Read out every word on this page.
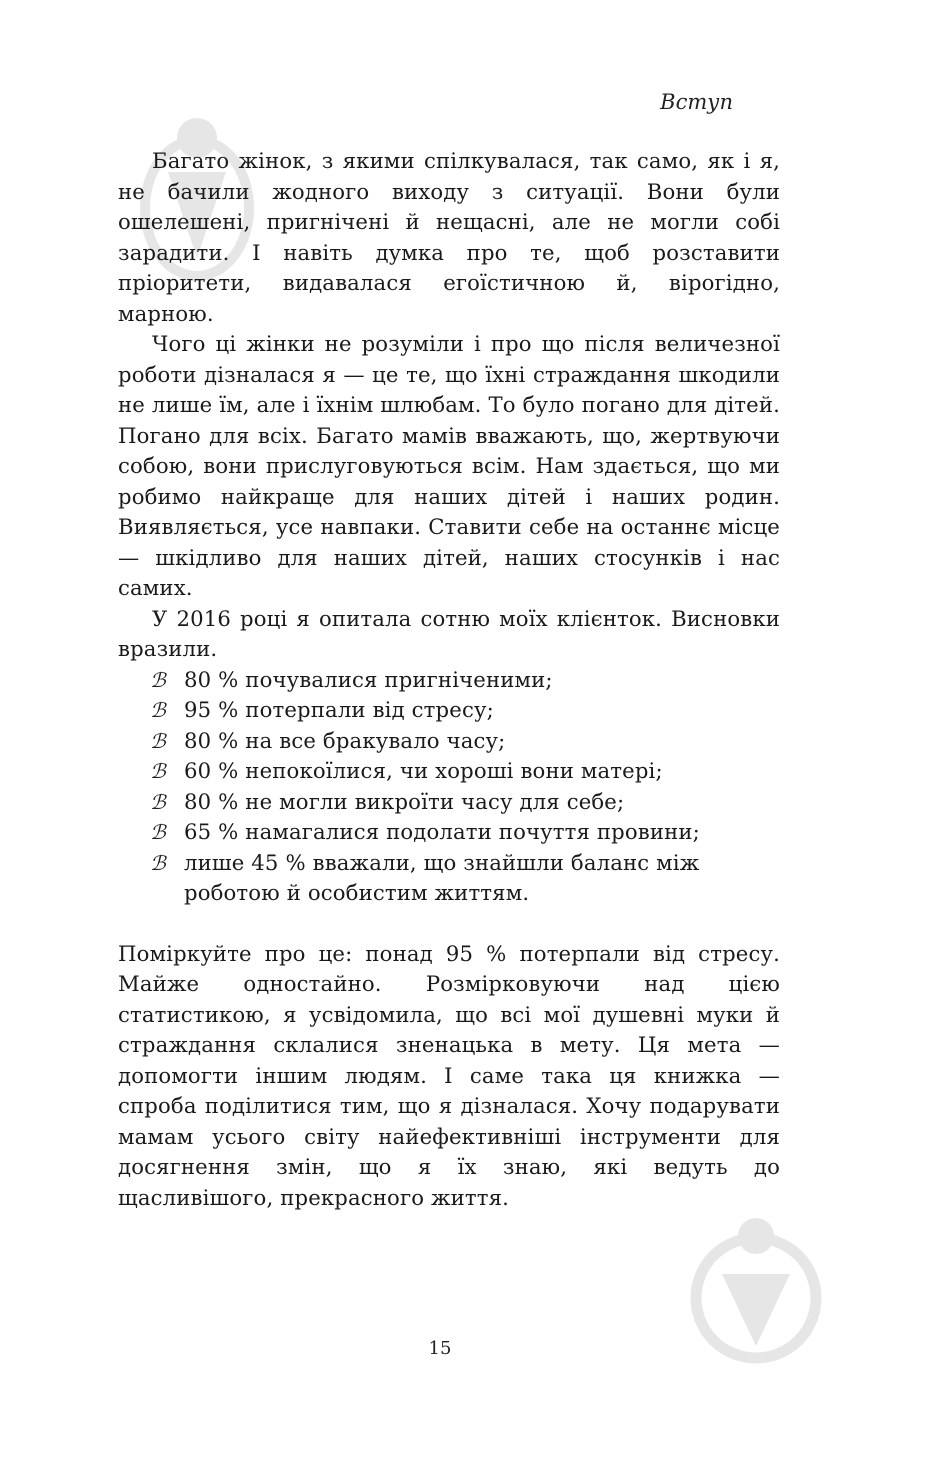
Вступ

Багато жінок, з якими спілкувалася, так само, як і я, не бачили жодного виходу з ситуації. Вони були ошелешені, пригнічені й нещасні, але не могли собі зарадити. І навіть думка про те, щоб розставити пріоритети, видавалася егоїстичною й, вірогідно, марною.

Чого ці жінки не розуміли і про що після величезної роботи дізналася я — це те, що їхні страждання шкодили не лише їм, але і їхнім шлюбам. То було погано для дітей. Погано для всіх. Багато мамів вважають, що, жертвуючи собою, вони прислуговуються всім. Нам здається, що ми робимо найкраще для наших дітей і наших родин. Виявляється, усе навпаки. Ставити себе на останнє місце — шкідливо для наших дітей, наших стосунків і нас самих.

У 2016 році я опитала сотню моїх клієнток. Висновки вразили.

ℬ 80 % почувалися пригніченими;
ℬ 95 % потерпали від стресу;
ℬ 80 % на все бракувало часу;
ℬ 60 % непокоїлися, чи хороші вони матері;
ℬ 80 % не могли викроїти часу для себе;
ℬ 65 % намагалися подолати почуття провини;
ℬ лише 45 % вважали, що знайшли баланс між роботою й особистим життям.

Поміркуйте про це: понад 95 % потерпали від стресу. Майже одностайно. Розмірковуючи над цією статистикою, я усвідомила, що всі мої душевні муки й страждання склалися зненацька в мету. Ця мета — допомогти іншим людям. І саме така ця книжка — спроба поділитися тим, що я дізналася. Хочу подарувати мамам усього світу найефективніші інструменти для досягнення змін, що я їх знаю, які ведуть до щасливішого, прекрасного життя.

15
